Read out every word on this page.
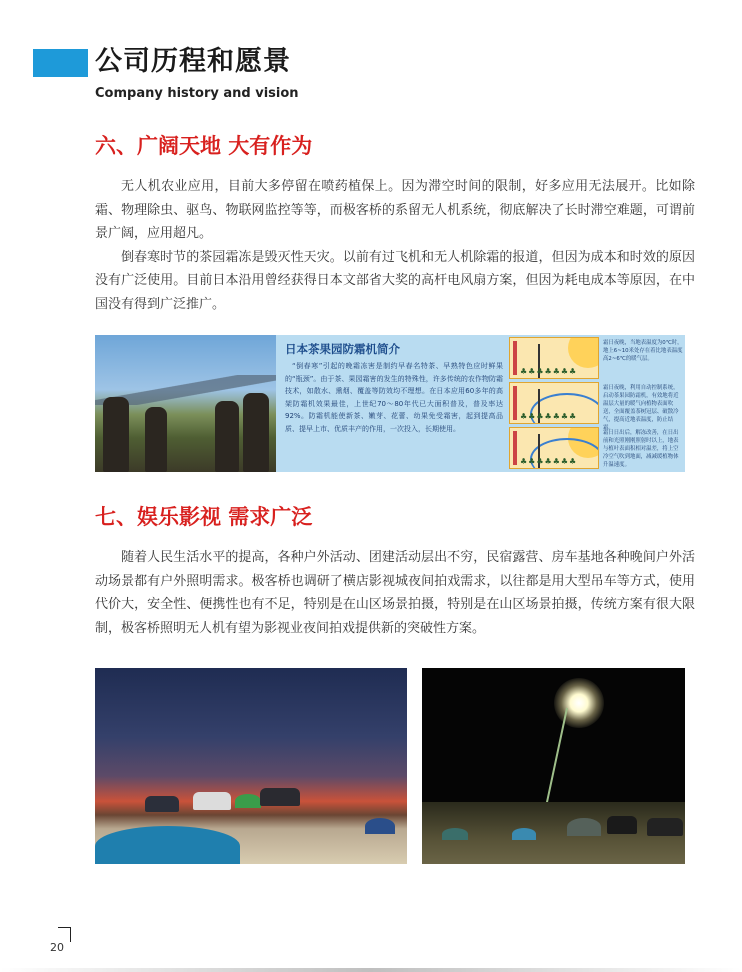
公司历程和愿景
Company history and vision
六、广阔天地 大有作为

无人机农业应用，目前大多停留在喷药植保上。因为滞空时间的限制，好多应用无法展开。比如除霜、物理除虫、驱鸟、物联网监控等等，而极客桥的系留无人机系统，彻底解决了长时滞空难题，可谓前景广阔，应用超凡。

倒春寒时节的茶园霜冻是毁灭性天灾。以前有过飞机和无人机除霜的报道，但因为成本和时效的原因没有广泛使用。目前日本沿用曾经获得日本文部省大奖的高杆电风扇方案，但因为耗电成本等原因，在中国没有得到广泛推广。

日本茶果园防霜机简介
“倒春寒”引起的晚霜冻害是制约早春名特茶、早熟特色应时鲜果的“瓶颈”。由于茶、果园霜害的发生的特殊性，许多传统的农作物防霜技术，如散水、熏烟、覆盖等防效均不理想。在日本应用60多年的高架防霜机效果最佳，上世纪70～80年代已大面积普及，普及率达92%。防霜机能使新茶、嫩芽、花蕾、幼果免受霜害，起到提高品质、提早上市、优质丰产的作用，一次投入，长期使用。
♣♣♣♣♣♣♣
霜日夜晚，当地表温度为0℃时，地上6~10米处存在着比地表温度高2~6℃的暖气层。
♣♣♣♣♣♣♣
霜日夜晚，利用自动控制系统，启动茶果园防霜机，有效地将近温层大量的暖气向植物表面吹送，全面覆盖茶树冠层、破散冷气，提高近地表温度，防止结霜。
♣♣♣♣♣♣♣
霜日日出后，解冻改善，在日出前和光照刚刚照射时以上，地表与植叶表面积相对温差，将上空冷空气吹到地面，减减缓植物体升温速度。
七、娱乐影视 需求广泛

随着人民生活水平的提高，各种户外活动、团建活动层出不穷，民宿露营、房车基地各种晚间户外活动场景都有户外照明需求。极客桥也调研了横店影视城夜间拍戏需求，以往都是用大型吊车等方式，使用代价大，安全性、便携性也有不足，特别是在山区场景拍摄，特别是在山区场景拍摄，传统方案有很大限制，极客桥照明无人机有望为影视业夜间拍戏提供新的突破性方案。

20
